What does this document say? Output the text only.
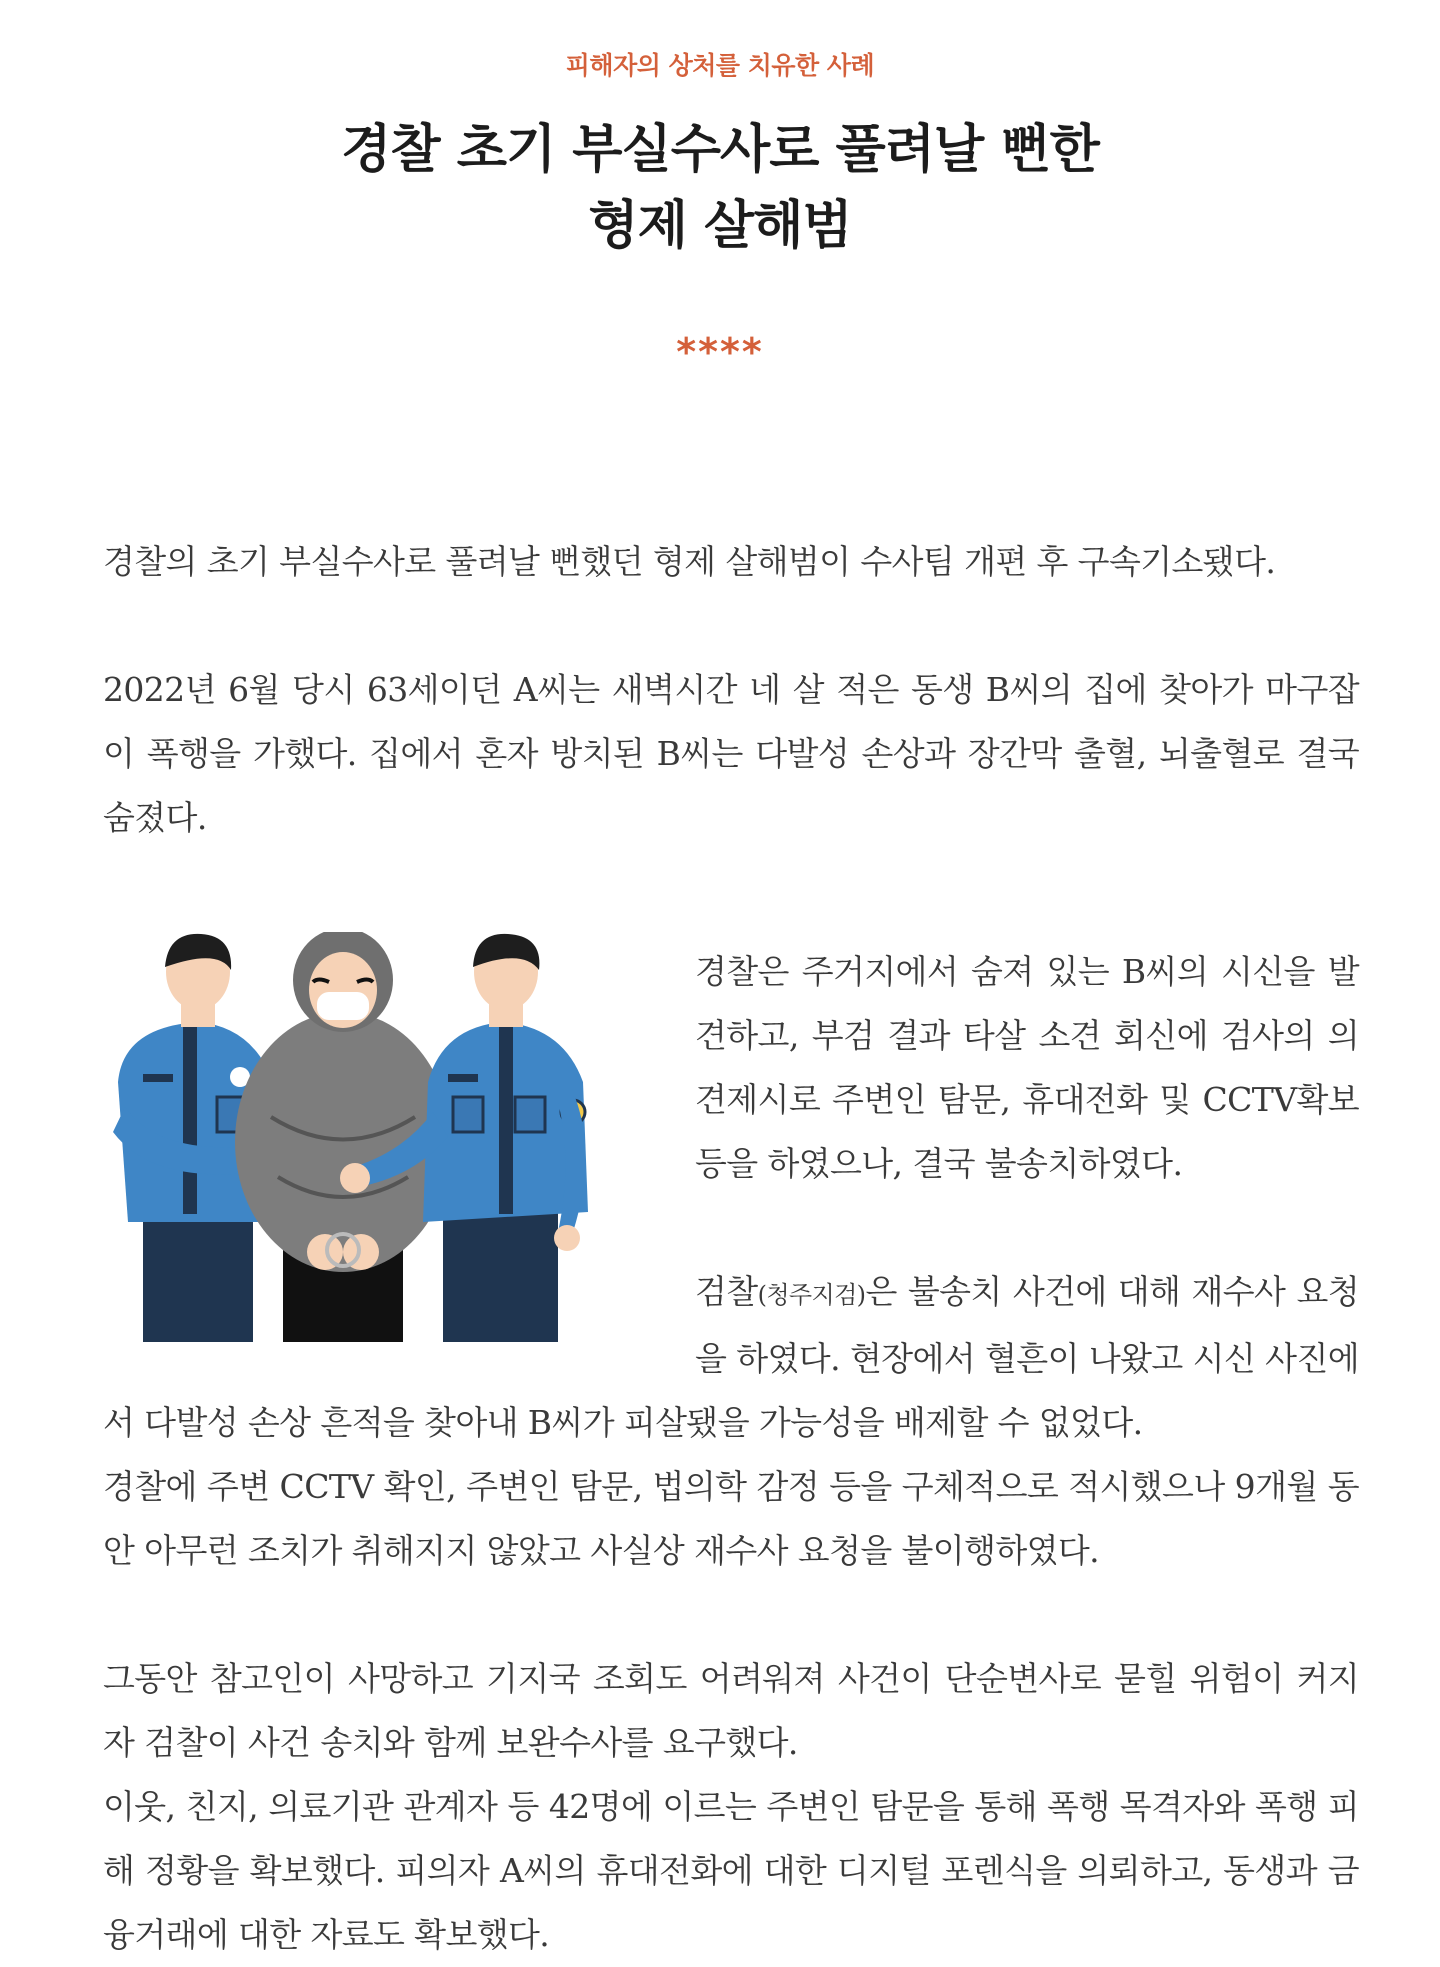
피해자의 상처를 치유한 사례
경찰 초기 부실수사로 풀려날 뻔한
형제 살해범
****

경찰의 초기 부실수사로 풀려날 뻔했던 형제 살해범이 수사팀 개편 후 구속기소됐다.

2022년 6월 당시 63세이던 A씨는 새벽시간 네 살 적은 동생 B씨의 집에 찾아가 마구잡이 폭행을 가했다. 집에서 혼자 방치된 B씨는 다발성 손상과 장간막 출혈, 뇌출혈로 결국 숨졌다.

경찰은 주거지에서 숨져 있는 B씨의 시신을 발견하고, 부검 결과 타살 소견 회신에 검사의 의견제시로 주변인 탐문, 휴대전화 및 CCTV확보 등을 하였으나, 결국 불송치하였다.

검찰(청주지검)은 불송치 사건에 대해 재수사 요청을 하였다. 현장에서 혈흔이 나왔고 시신 사진에서 다발성 손상 흔적을 찾아내 B씨가 피살됐을 가능성을 배제할 수 없었다.

경찰에 주변 CCTV 확인, 주변인 탐문, 법의학 감정 등을 구체적으로 적시했으나 9개월 동안 아무런 조치가 취해지지 않았고 사실상 재수사 요청을 불이행하였다.

그동안 참고인이 사망하고 기지국 조회도 어려워져 사건이 단순변사로 묻힐 위험이 커지자 검찰이 사건 송치와 함께 보완수사를 요구했다.

이웃, 친지, 의료기관 관계자 등 42명에 이르는 주변인 탐문을 통해 폭행 목격자와 폭행 피해 정황을 확보했다. 피의자 A씨의 휴대전화에 대한 디지털 포렌식을 의뢰하고, 동생과 금융거래에 대한 자료도 확보했다.
